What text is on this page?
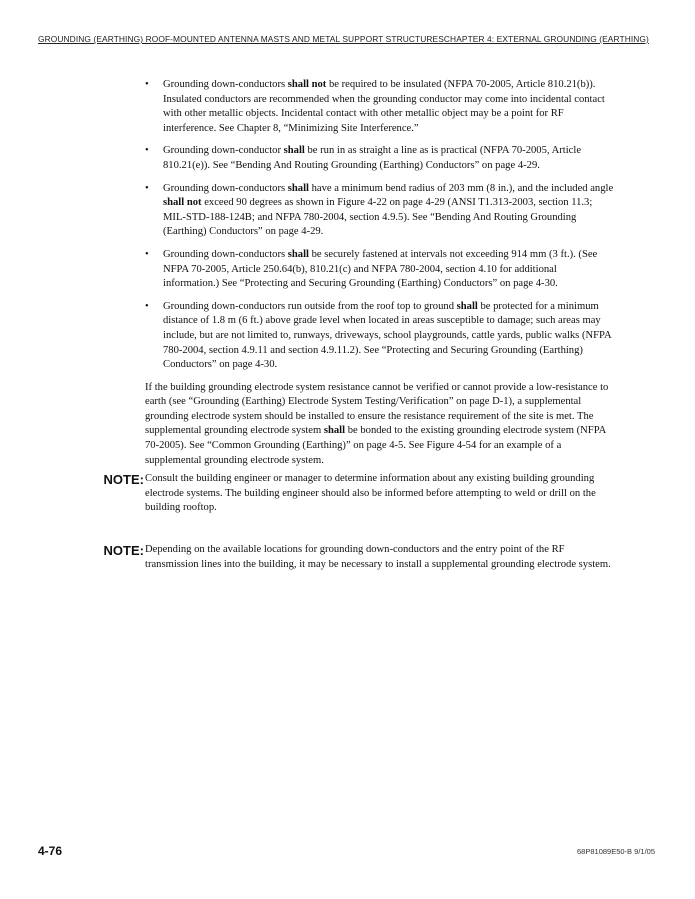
GROUNDING (EARTHING) ROOF-MOUNTED ANTENNA MASTS AND METAL SUPPORT STRUCTURES CHAPTER 4: EXTERNAL GROUNDING (EARTHING)
• Grounding down-conductors shall not be required to be insulated (NFPA 70-2005, Article 810.21(b)). Insulated conductors are recommended when the grounding conductor may come into incidental contact with other metallic objects. Incidental contact with other metallic object may be a point for RF interference. See Chapter 8, “Minimizing Site Interference.”
• Grounding down-conductor shall be run in as straight a line as is practical (NFPA 70-2005, Article 810.21(e)). See “Bending And Routing Grounding (Earthing) Conductors” on page 4-29.
• Grounding down-conductors shall have a minimum bend radius of 203 mm (8 in.), and the included angle shall not exceed 90 degrees as shown in Figure 4-22 on page 4-29 (ANSI T1.313-2003, section 11.3; MIL-STD-188-124B; and NFPA 780-2004, section 4.9.5). See “Bending And Routing Grounding (Earthing) Conductors” on page 4-29.
• Grounding down-conductors shall be securely fastened at intervals not exceeding 914 mm (3 ft.). (See NFPA 70-2005, Article 250.64(b), 810.21(c) and NFPA 780-2004, section 4.10 for additional information.) See “Protecting and Securing Grounding (Earthing) Conductors” on page 4-30.
• Grounding down-conductors run outside from the roof top to ground shall be protected for a minimum distance of 1.8 m (6 ft.) above grade level when located in areas susceptible to damage; such areas may include, but are not limited to, runways, driveways, school playgrounds, cattle yards, public walks (NFPA 780-2004, section 4.9.11 and section 4.9.11.2). See “Protecting and Securing Grounding (Earthing) Conductors” on page 4-30.

If the building grounding electrode system resistance cannot be verified or cannot provide a low-resistance to earth (see “Grounding (Earthing) Electrode System Testing/Verification” on page D-1), a supplemental grounding electrode system should be installed to ensure the resistance requirement of the site is met. The supplemental grounding electrode system shall be bonded to the existing grounding electrode system (NFPA 70-2005). See “Common Grounding (Earthing)” on page 4-5. See Figure 4-54 for an example of a supplemental grounding electrode system.

NOTE: Consult the building engineer or manager to determine information about any existing building grounding electrode systems. The building engineer should also be informed before attempting to weld or drill on the building rooftop.
NOTE: Depending on the available locations for grounding down-conductors and the entry point of the RF transmission lines into the building, it may be necessary to install a supplemental grounding electrode system.
4-76	68P81089E50-B 9/1/05
